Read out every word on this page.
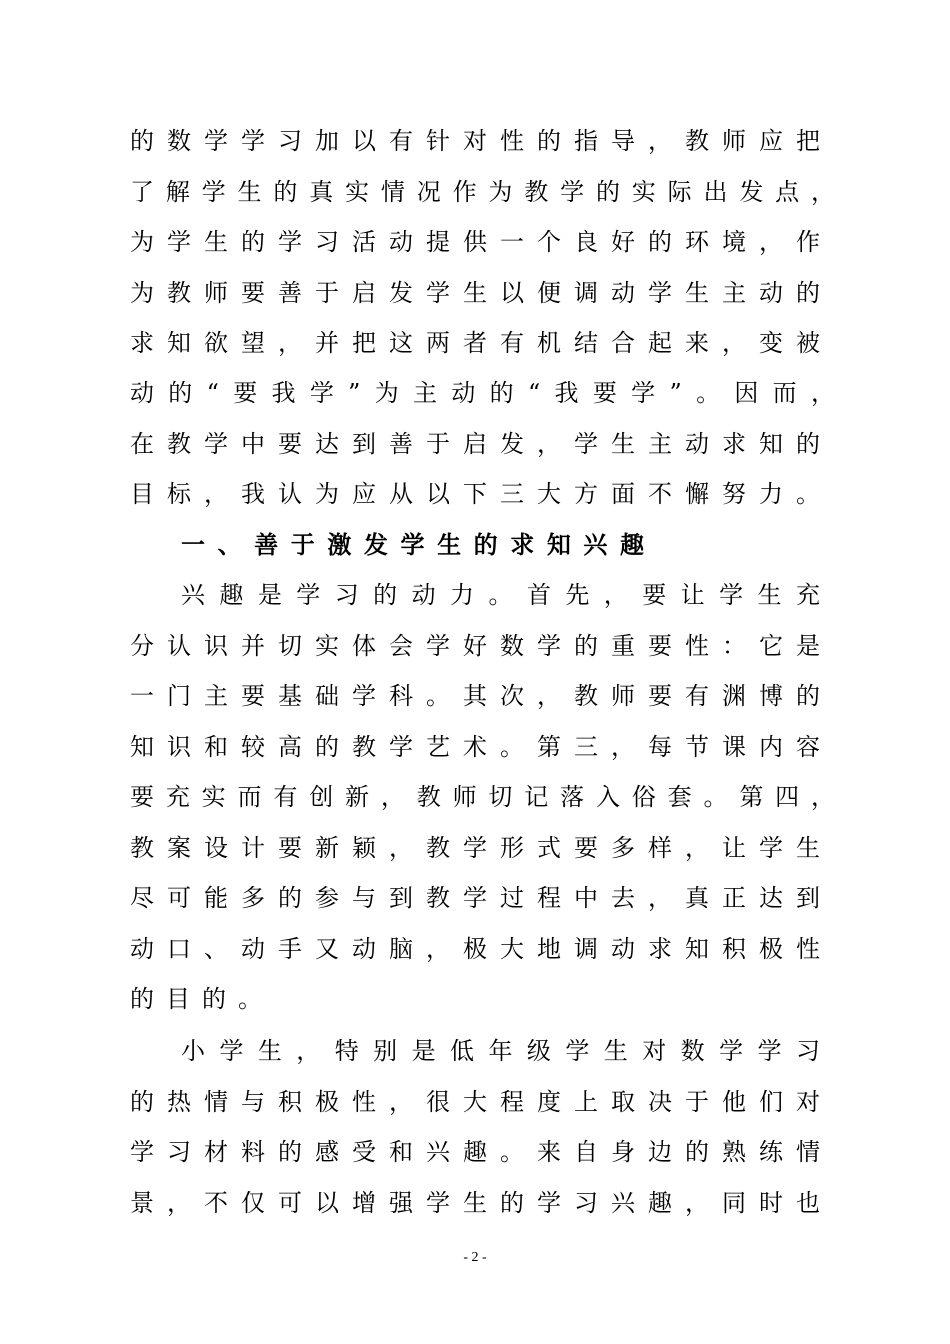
的数学学习加以有针对性的指导，教师应把
了解学生的真实情况作为教学的实际出发点，
为学生的学习活动提供一个良好的环境，作
为教师要善于启发学生以便调动学生主动的
求知欲望，并把这两者有机结合起来，变被
动的“要我学”为主动的“我要学”。因而，
在教学中要达到善于启发，学生主动求知的
目标，我认为应从以下三大方面不懈努力。
一、善于激发学生的求知兴趣
兴趣是学习的动力。首先，要让学生充
分认识并切实体会学好数学的重要性：它是
一门主要基础学科。其次，教师要有渊博的
知识和较高的教学艺术。第三，每节课内容
要充实而有创新，教师切记落入俗套。第四，
教案设计要新颖，教学形式要多样，让学生
尽可能多的参与到教学过程中去，真正达到
动口、动手又动脑，极大地调动求知积极性
的目的。
小学生，特别是低年级学生对数学学习
的热情与积极性，很大程度上取决于他们对
学习材料的感受和兴趣。来自身边的熟练情
景，不仅可以增强学生的学习兴趣，同时也
- 2 -
